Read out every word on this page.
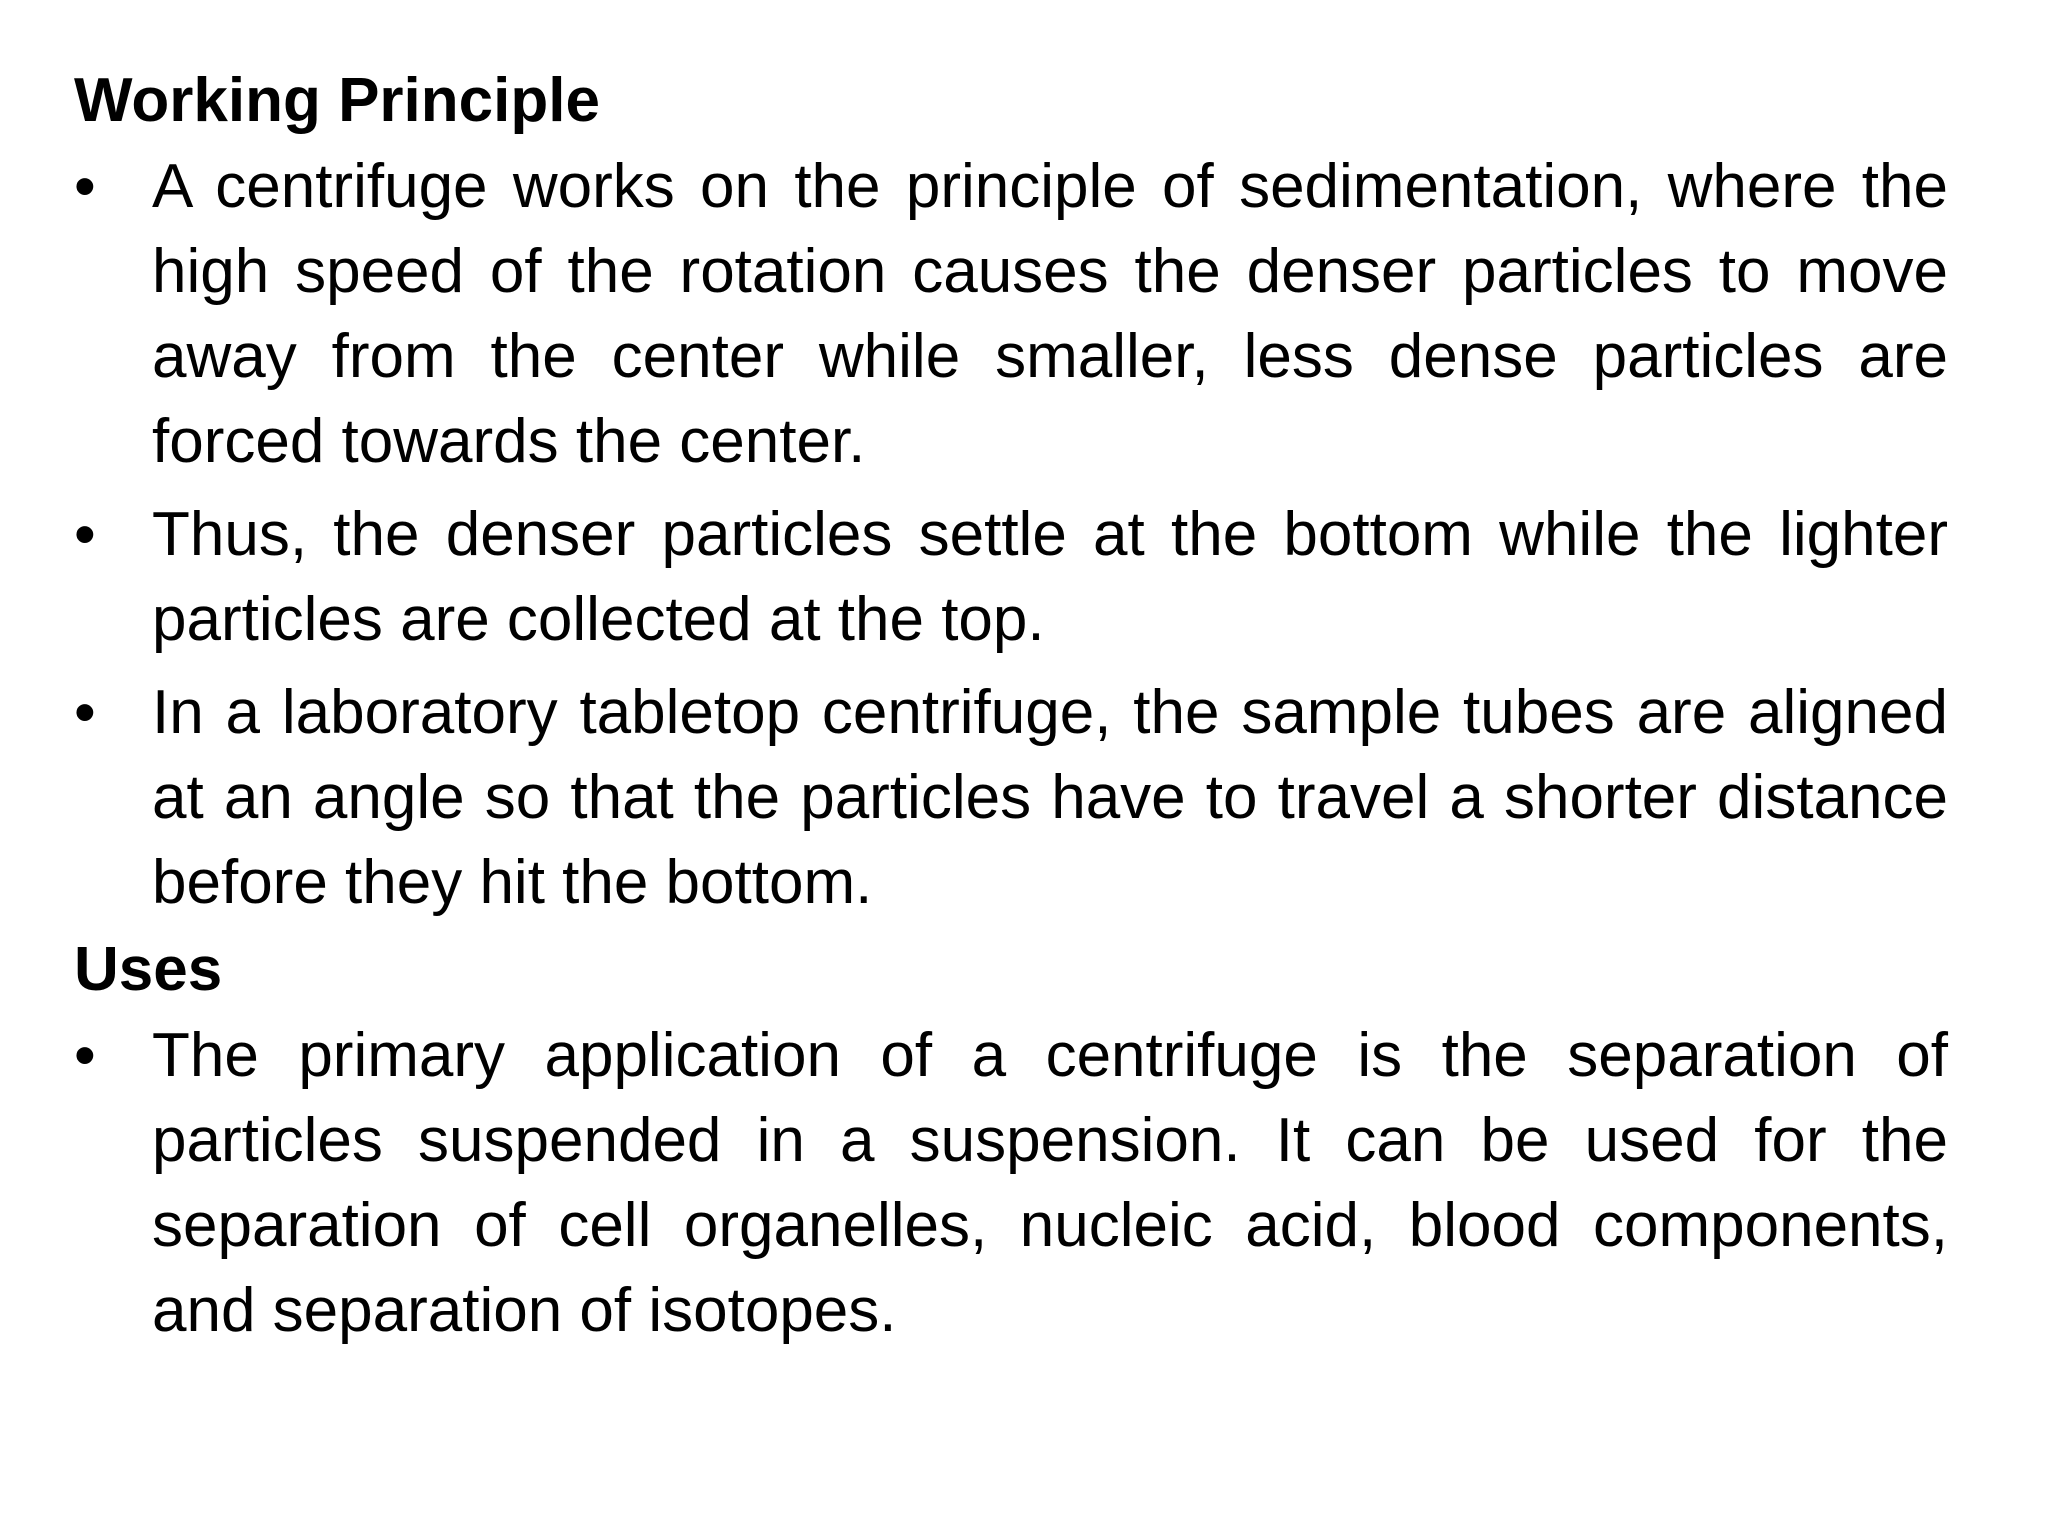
Working Principle
• A centrifuge works on the principle of sedimentation, where the high speed of the rotation causes the denser particles to move away from the center while smaller, less dense particles are forced towards the center.
• Thus, the denser particles settle at the bottom while the lighter particles are collected at the top.
• In a laboratory tabletop centrifuge, the sample tubes are aligned at an angle so that the particles have to travel a shorter distance before they hit the bottom.
Uses
• The primary application of a centrifuge is the separation of particles suspended in a suspension. It can be used for the separation of cell organelles, nucleic acid, blood components, and separation of isotopes.
